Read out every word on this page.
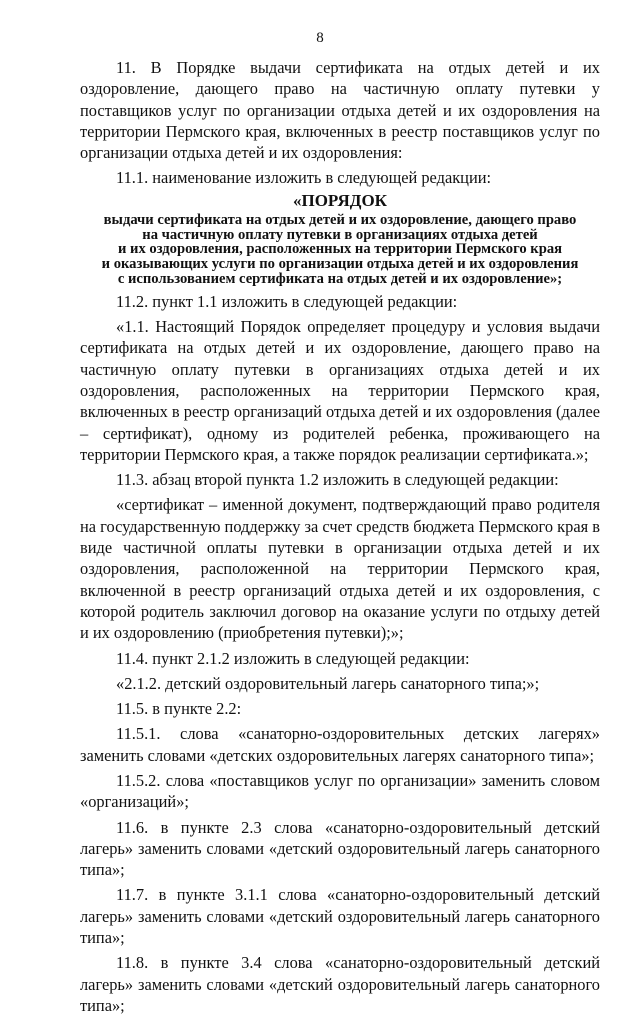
8

11. В Порядке выдачи сертификата на отдых детей и их оздоровление, дающего право на частичную оплату путевки у поставщиков услуг по организации отдыха детей и их оздоровления на территории Пермского края, включенных в реестр поставщиков услуг по организации отдыха детей и их оздоровления:

11.1. наименование изложить в следующей редакции:

«ПОРЯДОК

выдачи сертификата на отдых детей и их оздоровление, дающего право
на частичную оплату путевки в организациях отдыха детей
и их оздоровления, расположенных на территории Пермского края
и оказывающих услуги по организации отдыха детей и их оздоровления
с использованием сертификата на отдых детей и их оздоровление»;

11.2. пункт 1.1 изложить в следующей редакции:

«1.1. Настоящий Порядок определяет процедуру и условия выдачи сертификата на отдых детей и их оздоровление, дающего право на частичную оплату путевки в организациях отдыха детей и их оздоровления, расположенных на территории Пермского края, включенных в реестр организаций отдыха детей и их оздоровления (далее – сертификат), одному из родителей ребенка, проживающего на территории Пермского края, а также порядок реализации сертификата.»;

11.3. абзац второй пункта 1.2 изложить в следующей редакции:

«сертификат – именной документ, подтверждающий право родителя на государственную поддержку за счет средств бюджета Пермского края в виде частичной оплаты путевки в организации отдыха детей и их оздоровления, расположенной на территории Пермского края, включенной в реестр организаций отдыха детей и их оздоровления, с которой родитель заключил договор на оказание услуги по отдыху детей и их оздоровлению (приобретения путевки);»;

11.4. пункт 2.1.2 изложить в следующей редакции:

«2.1.2. детский оздоровительный лагерь санаторного типа;»;

11.5. в пункте 2.2:

11.5.1. слова «санаторно-оздоровительных детских лагерях» заменить словами «детских оздоровительных лагерях санаторного типа»;

11.5.2. слова «поставщиков услуг по организации» заменить словом «организаций»;

11.6. в пункте 2.3 слова «санаторно-оздоровительный детский лагерь» заменить словами «детский оздоровительный лагерь санаторного типа»;

11.7. в пункте 3.1.1 слова «санаторно-оздоровительный детский лагерь» заменить словами «детский оздоровительный лагерь санаторного типа»;

11.8. в пункте 3.4 слова «санаторно-оздоровительный детский лагерь» заменить словами «детский оздоровительный лагерь санаторного типа»;
